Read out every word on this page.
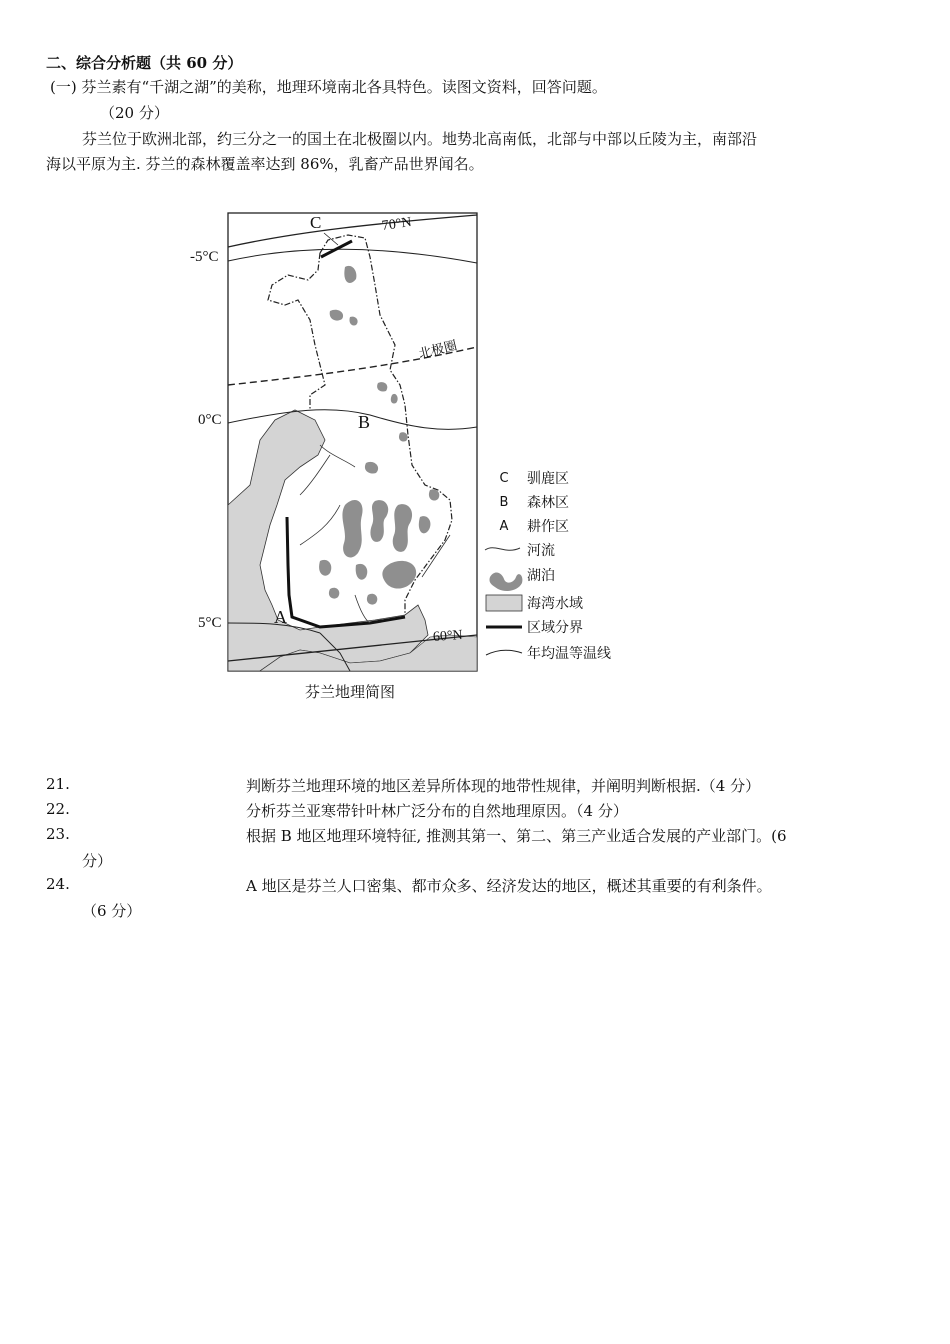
二、综合分析题（共 60 分）
(一) 芬兰素有“千湖之湖”的美称，地理环境南北各具特色。读图文资料，回答问题。
（20 分）
芬兰位于欧洲北部，约三分之一的国土在北极圈以内。地势北高南低，北部与中部以丘陵为主，南部沿
海以平原为主. 芬兰的森林覆盖率达到 86%，乳畜产品世界闻名。
C	70°N
-5°C
北极圈
0°C	B
A
5°C
60°N
芬兰地理简图
C	驯鹿区
B	森林区
A	耕作区
河流
湖泊
海湾水域
区域分界
年均温等温线
21.	判断芬兰地理环境的地区差异所体现的地带性规律，并阐明判断根据.（4 分）
22.	分析芬兰亚寒带针叶林广泛分布的自然地理原因。（4 分）
23.	根据 B 地区地理环境特征, 推测其第一、第二、第三产业适合发展的产业部门。(6
分）
24.	A 地区是芬兰人口密集、都市众多、经济发达的地区，概述其重要的有利条件。
（6 分）
